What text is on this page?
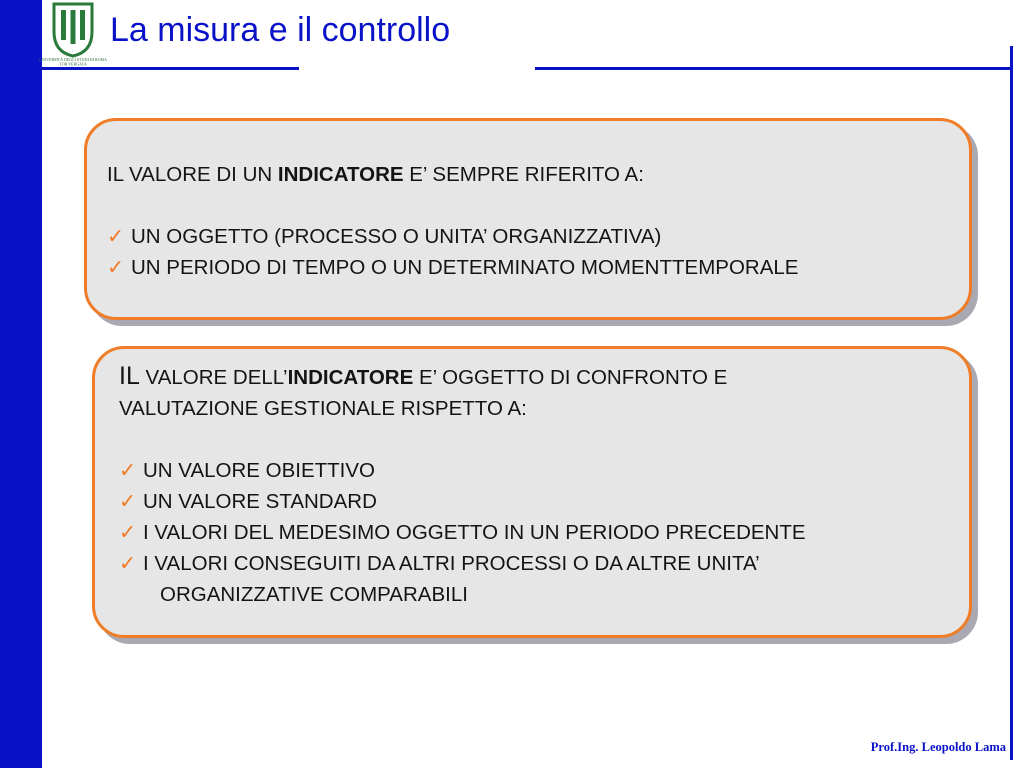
UNIVERSITÀ DEGLI STUDI DI ROMA
TOR VERGATA
La misura e il controllo
IL VALORE DI UN INDICATORE E’ SEMPRE RIFERITO A:
✓ UN OGGETTO (PROCESSO O UNITA’ ORGANIZZATIVA)
✓ UN PERIODO DI TEMPO O UN DETERMINATO MOMENTTEMPORALE
IL VALORE DELL’INDICATORE E’ OGGETTO DI CONFRONTO E
VALUTAZIONE GESTIONALE RISPETTO A:
✓ UN VALORE OBIETTIVO
✓ UN VALORE STANDARD
✓ I VALORI DEL MEDESIMO OGGETTO IN UN PERIODO PRECEDENTE
✓ I VALORI CONSEGUITI DA ALTRI PROCESSI O DA ALTRE UNITA’
ORGANIZZATIVE COMPARABILI
Prof.Ing. Leopoldo Lama
